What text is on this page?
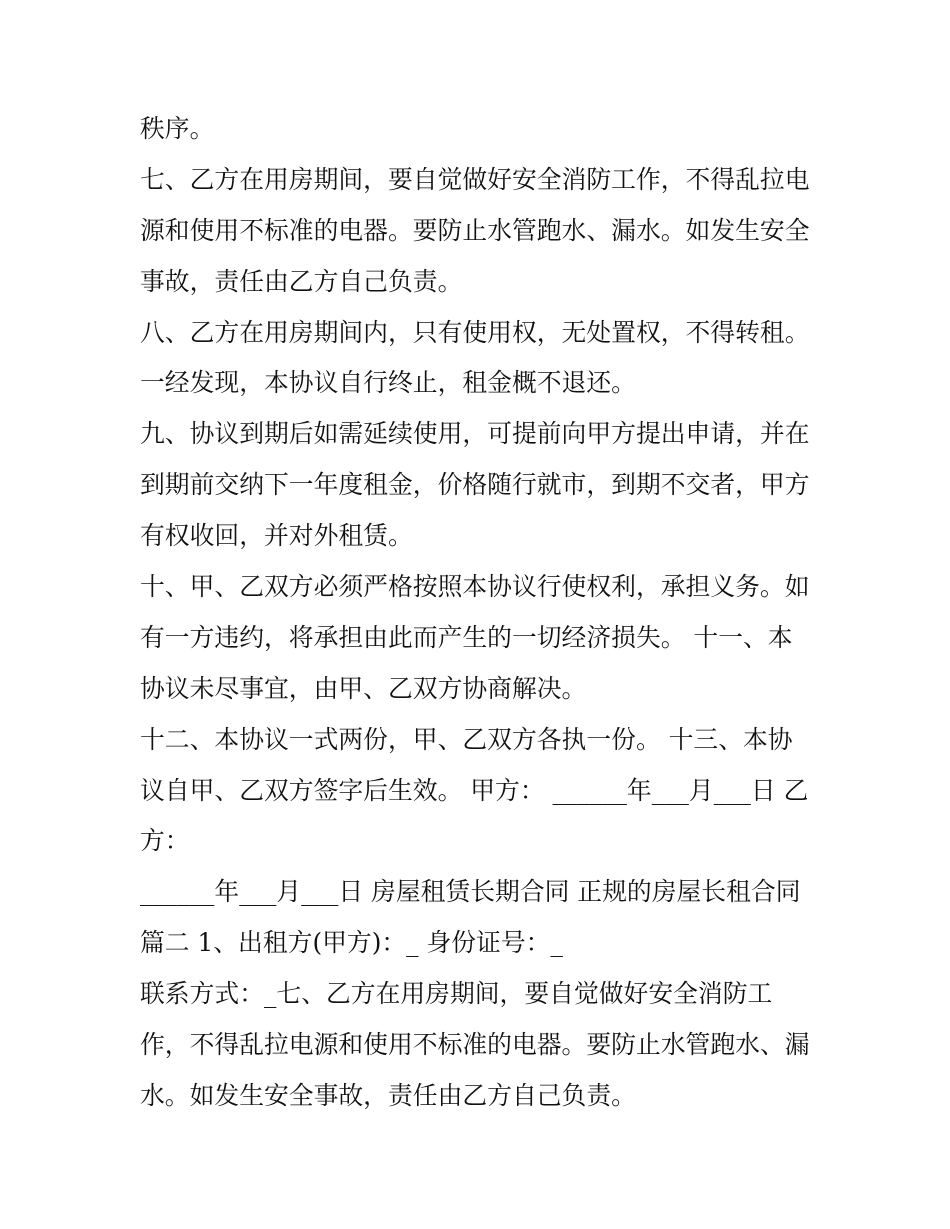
秩序。
七、乙方在用房期间，要自觉做好安全消防工作，不得乱拉电
源和使用不标准的电器。要防止水管跑水、漏水。如发生安全
事故，责任由乙方自己负责。
八、乙方在用房期间内，只有使用权，无处置权，不得转租。
一经发现，本协议自行终止，租金概不退还。
九、协议到期后如需延续使用，可提前向甲方提出申请，并在
到期前交纳下一年度租金，价格随行就市，到期不交者，甲方
有权收回，并对外租赁。
十、甲、乙双方必须严格按照本协议行使权利，承担义务。如
有一方违约，将承担由此而产生的一切经济损失。 十一、本
协议未尽事宜，由甲、乙双方协商解决。
十二、本协议一式两份，甲、乙双方各执一份。 十三、本协
议自甲、乙双方签字后生效。 甲方： ______年___月___日 乙
方：
______年___月___日 房屋租赁长期合同 正规的房屋长租合同
篇二 1、出租方(甲方)：_ 身份证号：_
联系方式：_七、乙方在用房期间，要自觉做好安全消防工
作，不得乱拉电源和使用不标准的电器。要防止水管跑水、漏
水。如发生安全事故，责任由乙方自己负责。
